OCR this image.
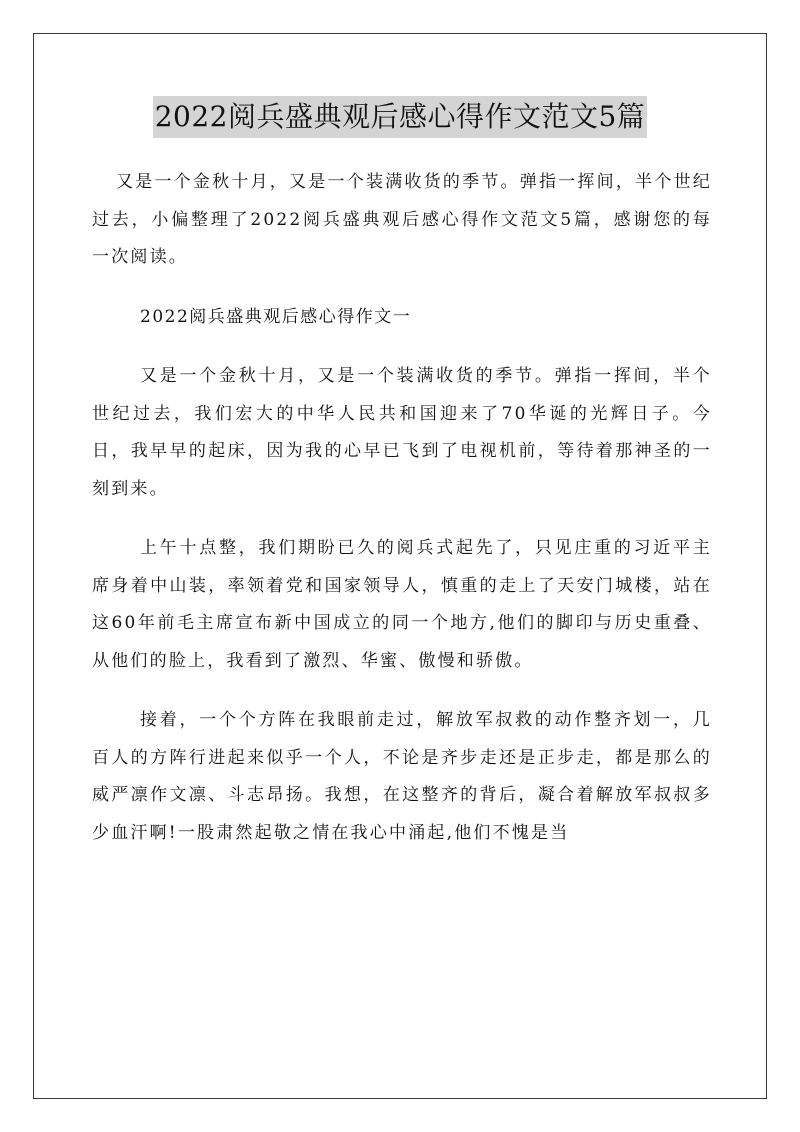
2022阅兵盛典观后感心得作文范文5篇

又是一个金秋十月，又是一个装满收货的季节。弹指一挥间，半个世纪过去，小偏整理了2022阅兵盛典观后感心得作文范文5篇，感谢您的每一次阅读。

2022阅兵盛典观后感心得作文一

又是一个金秋十月，又是一个装满收货的季节。弹指一挥间，半个世纪过去，我们宏大的中华人民共和国迎来了70华诞的光辉日子。今日，我早早的起床，因为我的心早已飞到了电视机前，等待着那神圣的一刻到来。

上午十点整，我们期盼已久的阅兵式起先了，只见庄重的习近平主席身着中山装，率领着党和国家领导人，慎重的走上了天安门城楼，站在这60年前毛主席宣布新中国成立的同一个地方,他们的脚印与历史重叠、从他们的脸上，我看到了激烈、华蜜、傲慢和骄傲。

接着，一个个方阵在我眼前走过，解放军叔救的动作整齐划一，几百人的方阵行进起来似乎一个人，不论是齐步走还是正步走，都是那么的威严凛作文凛、斗志昂扬。我想，在这整齐的背后，凝合着解放军叔叔多少血汗啊!一股肃然起敬之情在我心中涌起,他们不愧是当
